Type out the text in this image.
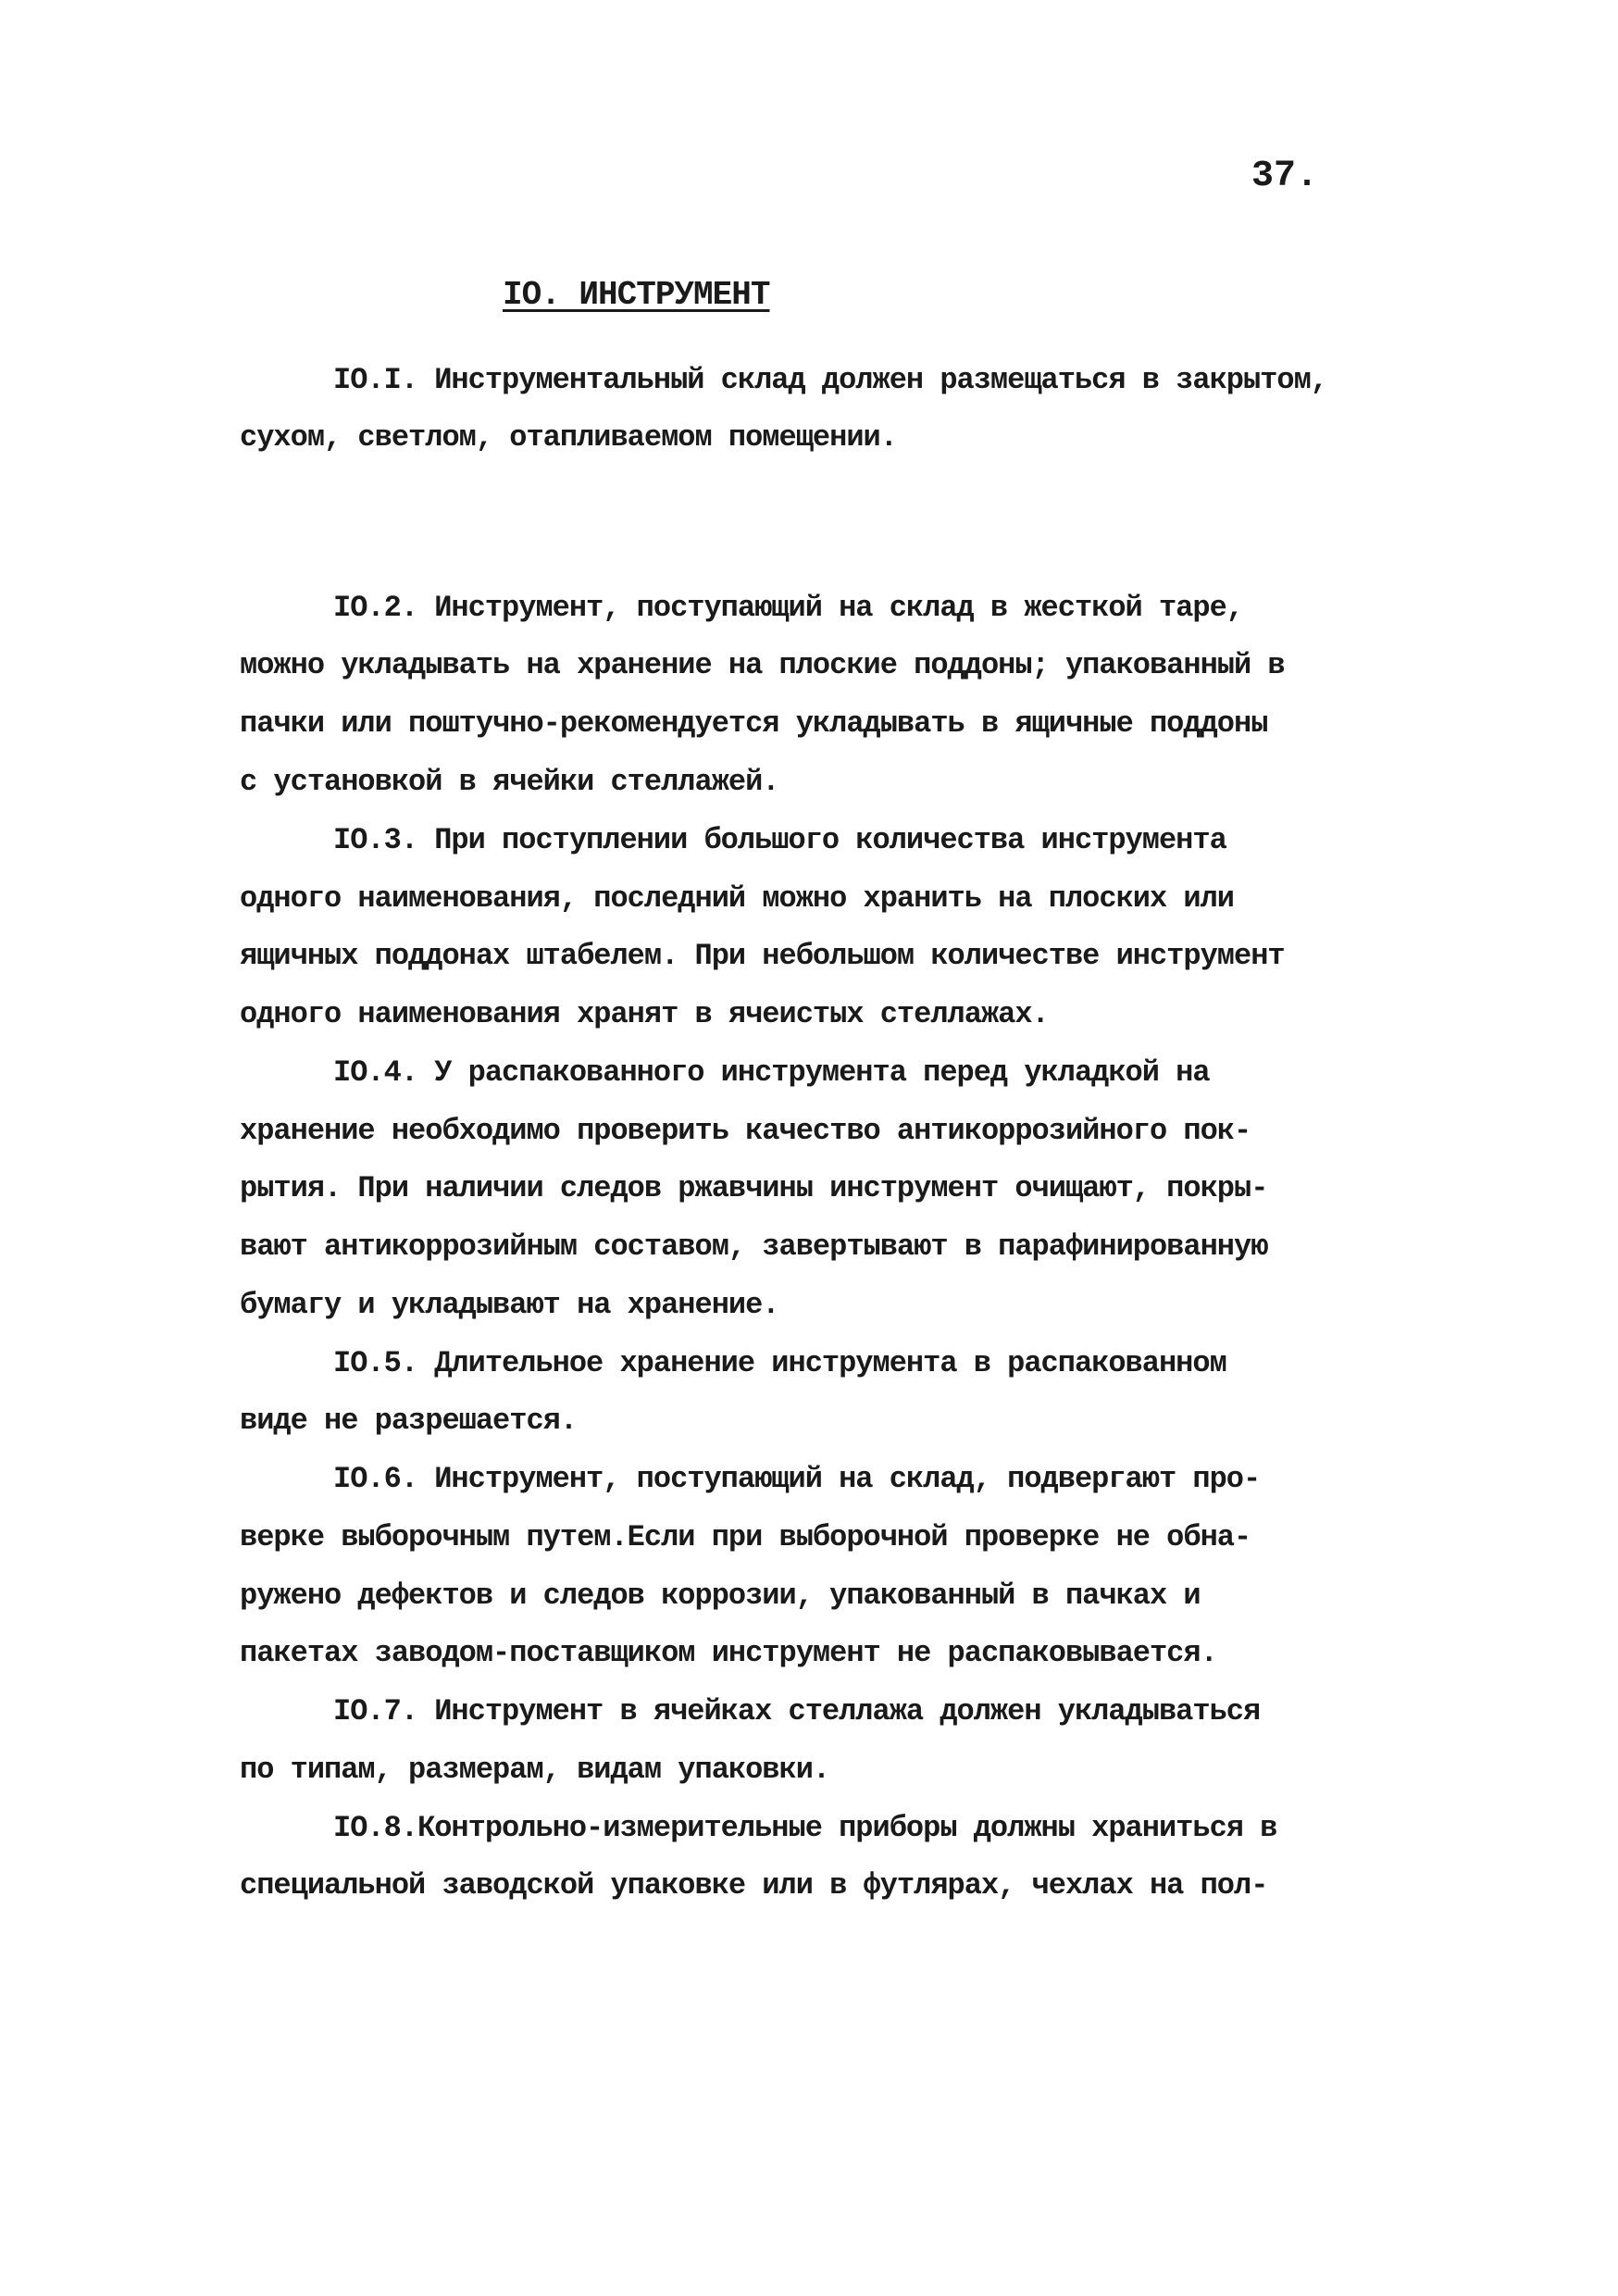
37.
IO. ИНСТРУМЕНТ
IO.I. Инструментальный склад должен размещаться в закрытом,
сухом, светлом, отапливаемом помещении.
IO.2. Инструмент, поступающий на склад в жесткой таре,
можно укладывать на хранение на плоские поддоны; упакованный в
пачки или поштучно-рекомендуется укладывать в ящичные поддоны
с установкой в ячейки стеллажей.
IO.3. При поступлении большого количества инструмента
одного наименования, последний можно хранить на плоских или
ящичных поддонах штабелем. При небольшом количестве инструмент
одного наименования хранят в ячеистых стеллажах.
IO.4. У распакованного инструмента перед укладкой на
хранение необходимо проверить качество антикоррозийного пок-
рытия. При наличии следов ржавчины инструмент очищают, покры-
вают антикоррозийным составом, завертывают в парафинированную
бумагу и укладывают на хранение.
IO.5. Длительное хранение инструмента в распакованном
виде не разрешается.
IO.6. Инструмент, поступающий на склад, подвергают про-
верке выборочным путем.Если при выборочной проверке не обна-
ружено дефектов и следов коррозии, упакованный в пачках и
пакетах заводом-поставщиком инструмент не распаковывается.
IO.7. Инструмент в ячейках стеллажа должен укладываться
по типам, размерам, видам упаковки.
IO.8.Контрольно-измерительные приборы должны храниться в
специальной заводской упаковке или в футлярах, чехлах на пол-
